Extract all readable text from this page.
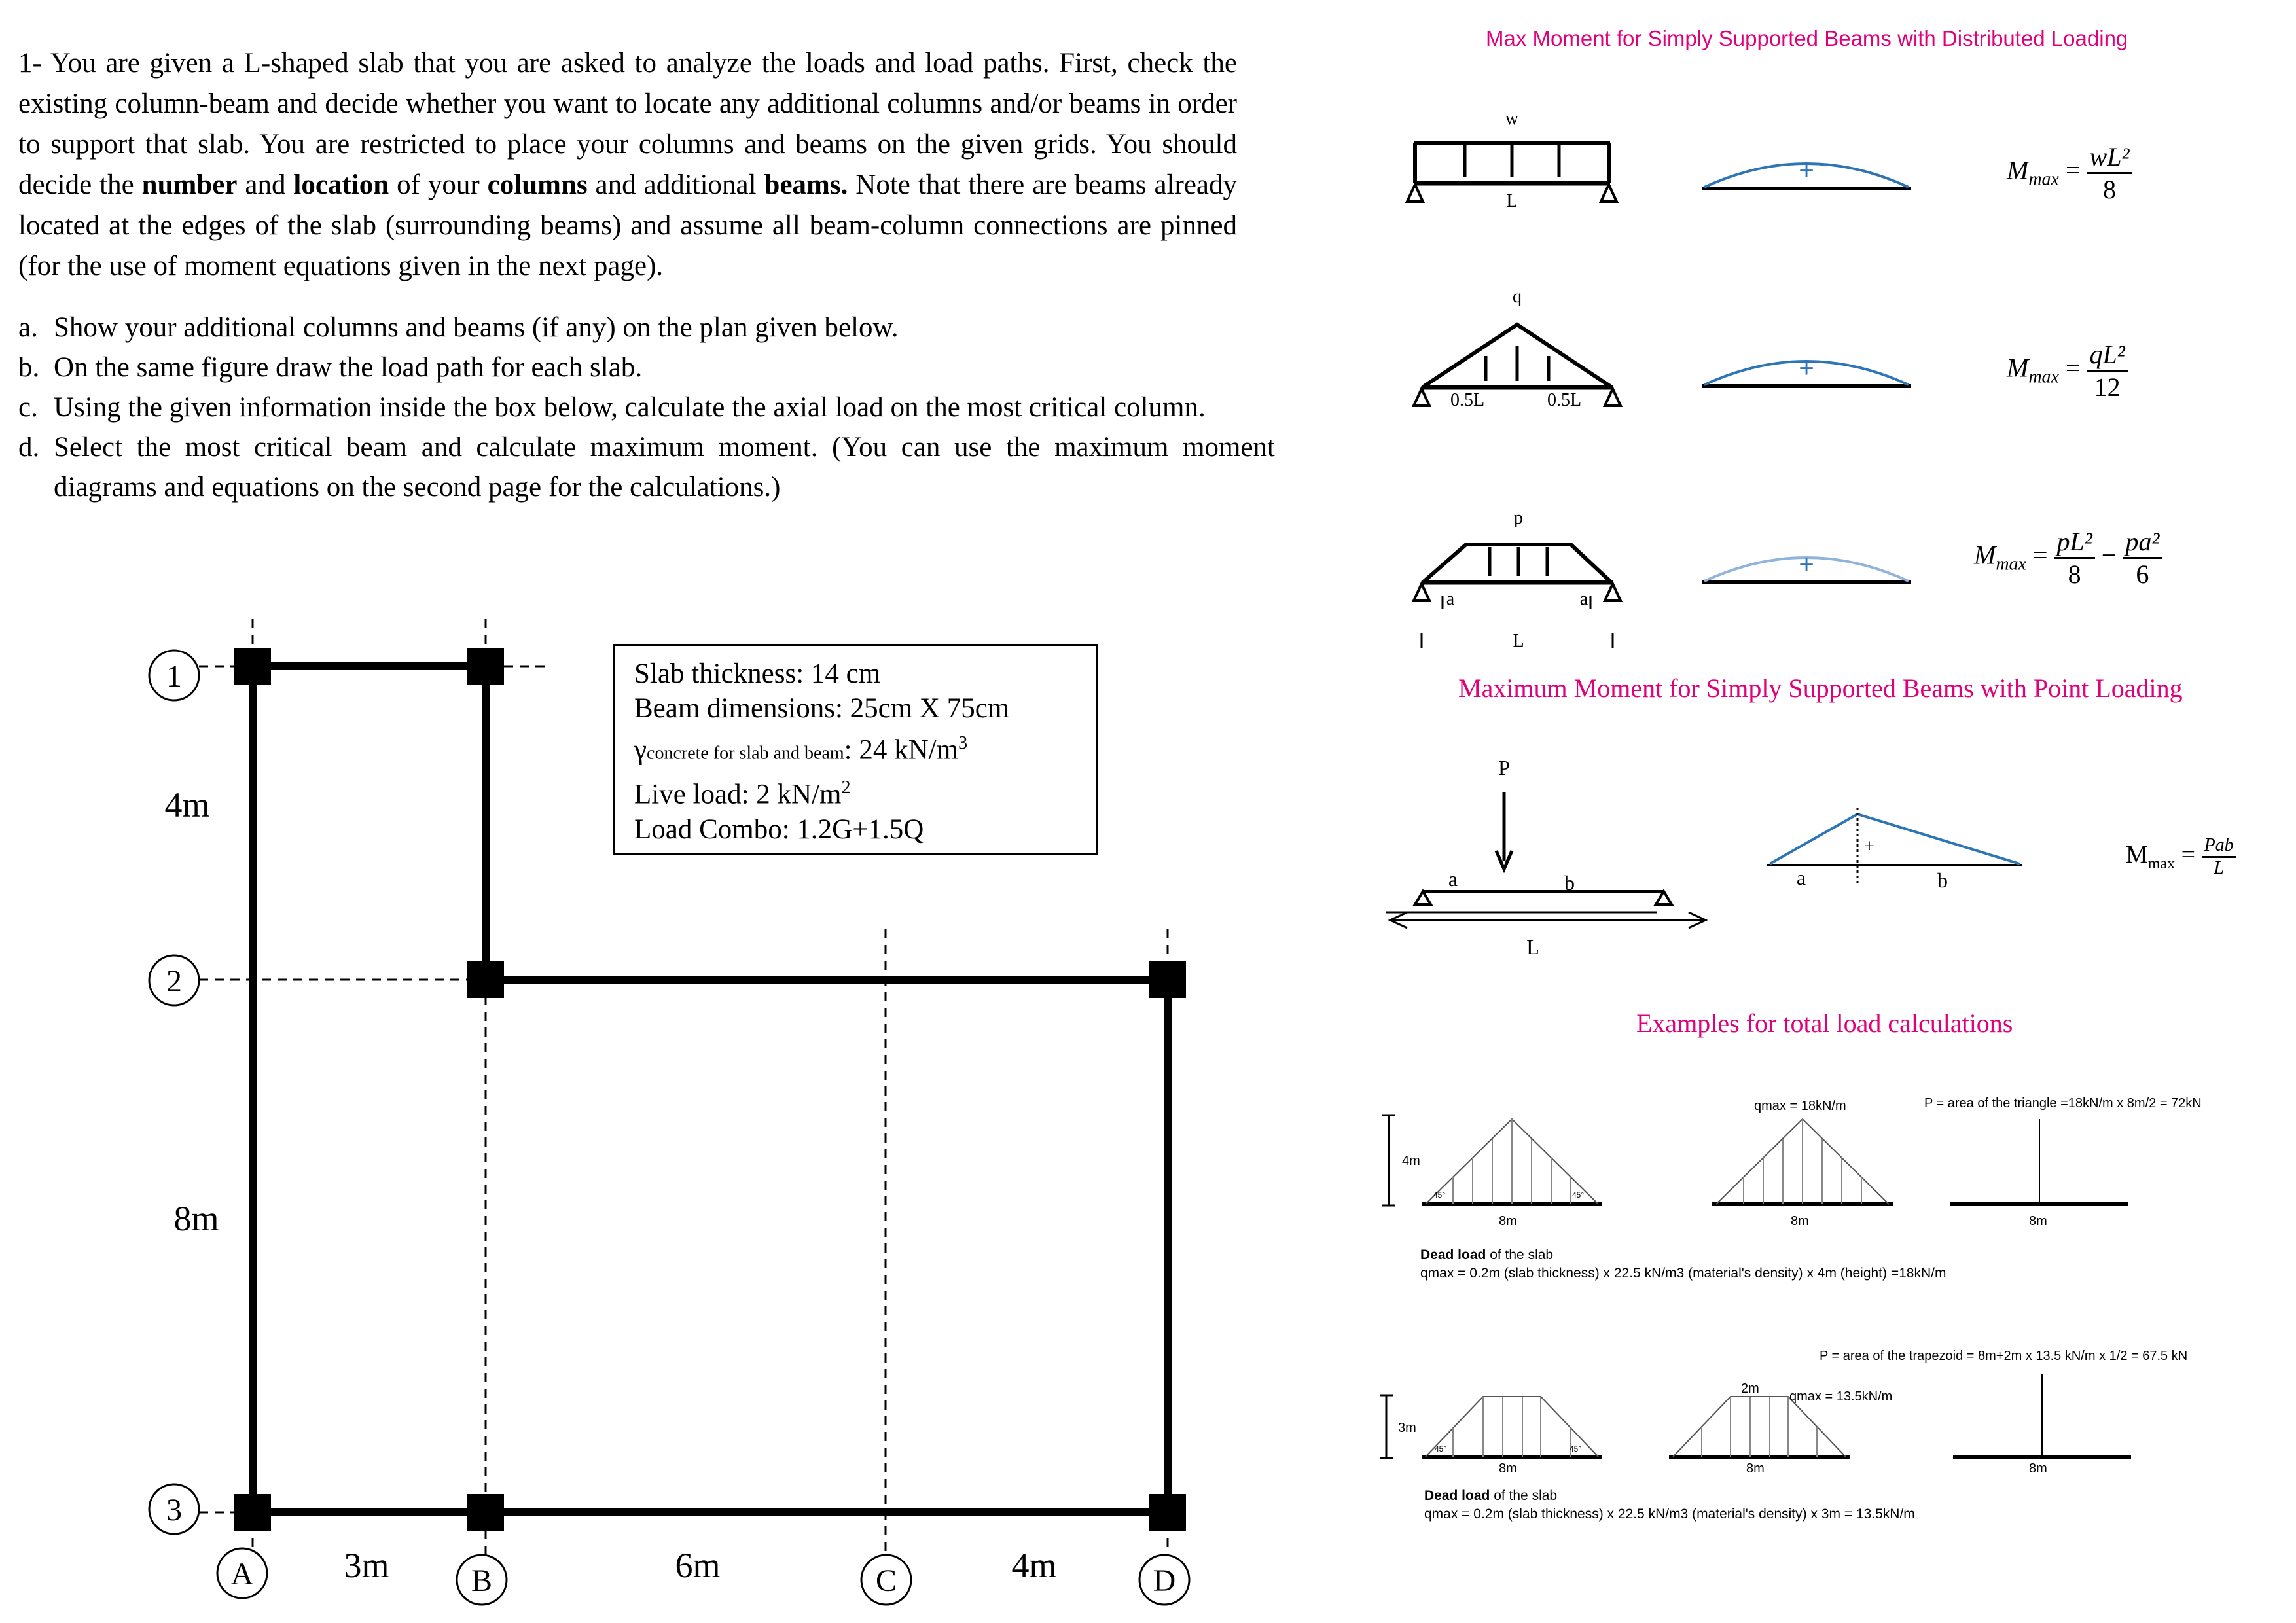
1- You are given a L-shaped slab that you are asked to analyze the loads and load paths. First, check the existing column-beam and decide whether you want to locate any additional columns and/or beams in order to support that slab. You are restricted to place your columns and beams on the given grids. You should decide the number and location of your columns and additional beams. Note that there are beams already located at the edges of the slab (surrounding beams) and assume all beam-column connections are pinned (for the use of moment equations given in the next page).
a. Show your additional columns and beams (if any) on the plan given below.
b. On the same figure draw the load path for each slab.
c. Using the given information inside the box below, calculate the axial load on the most critical column.
d. Select the most critical beam and calculate maximum moment. (You can use the maximum moment diagrams and equations on the second page for the calculations.)
1
2
3
A	B	C	D
4m
8m
3m	6m	4m
Slab thickness: 14 cm
Beam dimensions: 25cm X 75cm
γconcrete for slab and beam: 24 $kN/m^3$
Live load: 2 $kN/m^2$
Load Combo: 1.2G+1.5Q
Max Moment for Simply Supported Beams with Distributed Loading
+
+
+
w
L
q
0.5L	0.5L
p
a	a
L
$M_{max} = \frac{\text{wL²}}{8}$
$M_{max} = \frac{\text{qL²}}{12}$
$M_{max} = \frac{\text{pL²}}{8} - \frac{\text{pa²}}{6}$
Maximum Moment for Simply Supported Beams with Point Loading
P
a	b
L
a	b
+	$M_{max} = \frac{\text{Pab}}{L}$
Examples for total load calculations
4m
8m	8m	8m
45°	45°
qmax = 18kN/m	P = area of the triangle =18kN/m x 8m/2 = 72kN
3m
8m	8m	8m
45°	45°
2m
qmax = 13.5kN/m
P = area of the trapezoid = 8m+2m x 13.5 kN/m x 1/2 = 67.5 kN
Dead load of the slab
qmax = 0.2m (slab thickness) x 22.5 kN/m3 (material's density) x 4m (height) =18kN/m
Dead load of the slab
qmax = 0.2m (slab thickness) x 22.5 kN/m3 (material's density) x 3m = 13.5kN/m
